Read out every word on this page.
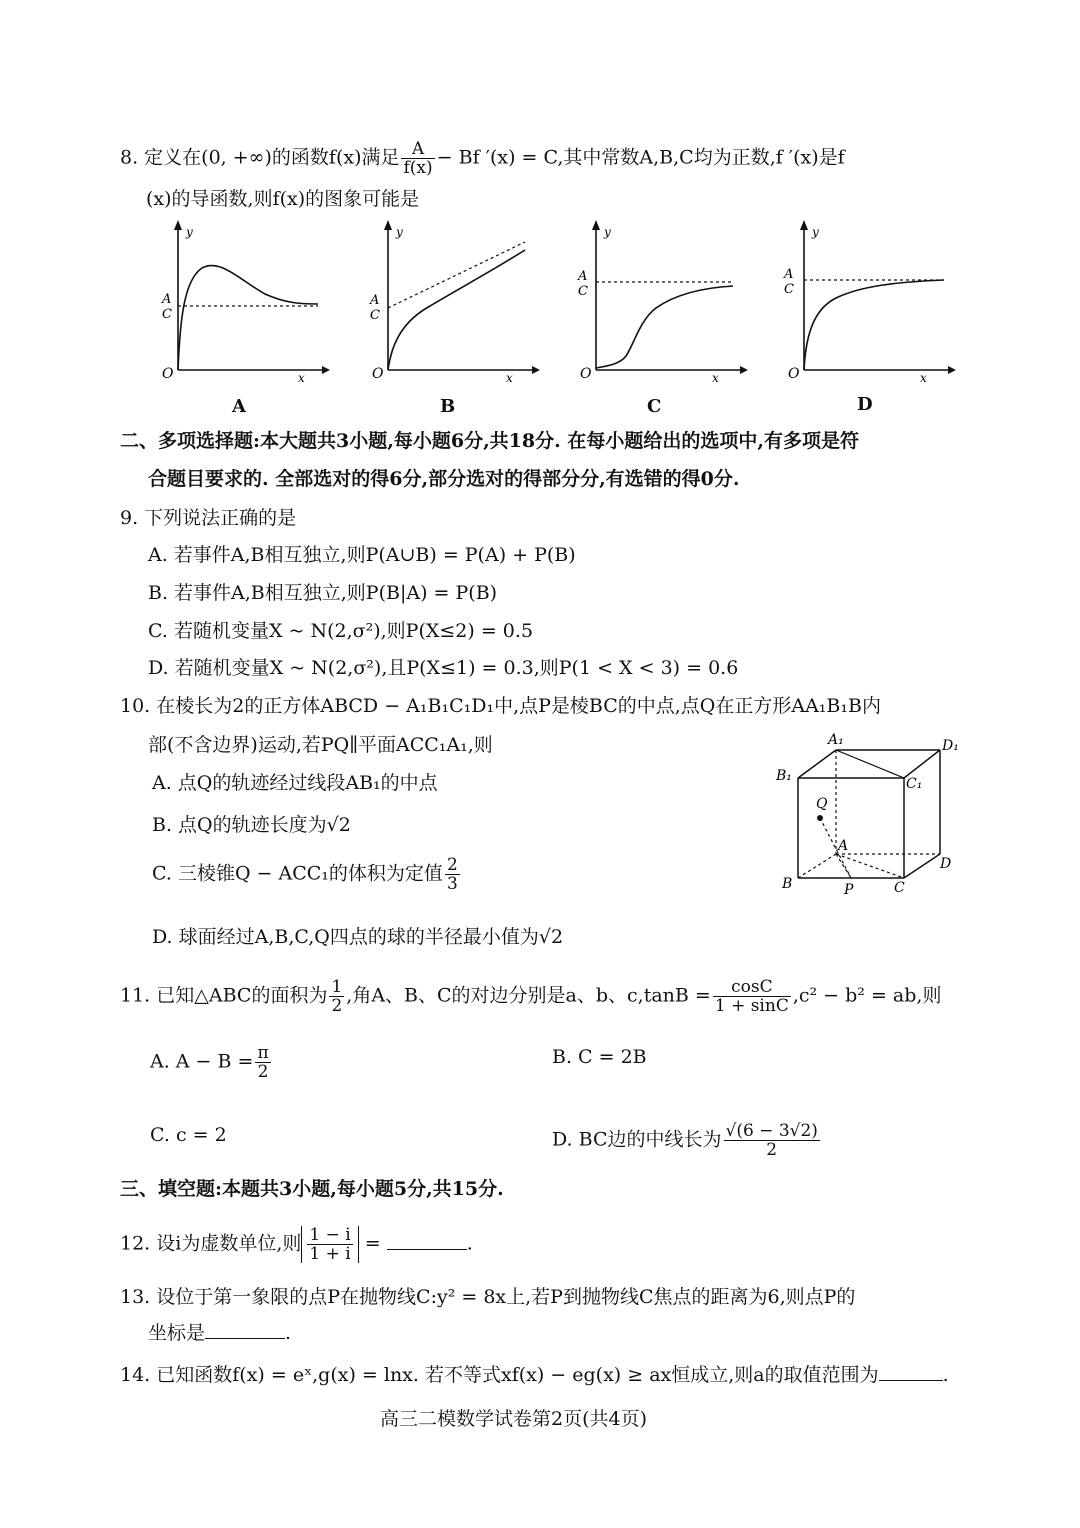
8. 定义在(0, +∞)的函数f(x)满足 $\frac{A}{f(x)} - Bf$ ′(x) = C,其中常数A,B,C均为正数,f ′(x)是f
(x)的导函数,则f(x)的图象可能是
y
A
C
O	x
y
A
C
O	x
y
A
C
O	x
y
A
C
O	x
A	B	C	D
二、多项选择题:本大题共3小题,每小题6分,共18分. 在每小题给出的选项中,有多项是符
合题目要求的. 全部选对的得6分,部分选对的得部分分,有选错的得0分.
9. 下列说法正确的是
A. 若事件A,B相互独立,则P(A∪B) = P(A) + P(B)
B. 若事件A,B相互独立,则P(B|A) = P(B)
C. 若随机变量X ~ N(2,σ²),则P(X≤2) = 0.5
D. 若随机变量X ~ N(2,σ²),且P(X≤1) = 0.3,则P(1 < X < 3) = 0.6
10. 在棱长为2的正方体ABCD − A₁B₁C₁D₁中,点P是棱BC的中点,点Q在正方形AA₁B₁B内
部(不含边界)运动,若PQ∥平面ACC₁A₁,则
A. 点Q的轨迹经过线段AB₁的中点
B. 点Q的轨迹长度为√2
C. 三棱锥Q − ACC₁的体积为定值 $\frac{2}{3}$
D. 球面经过A,B,C,Q四点的球的半径最小值为√2
A₁	D₁
B₁	C₁
Q
A
B	P	C
D
11. 已知△ABC的面积为 $\frac{1}{2}$ ,角A、B、C的对边分别是a、b、$c,\tan B = \frac{\cos C}{1 + \sin C} ,c^2 - b^2$ = ab,则
A. $A - B = \frac{\pi}{2}$	B. C = 2B
C. c = 2	D. BC边的中线长为 $\frac{√(6 - 3√2)}{2}$
三、填空题:本题共3小题,每小题5分,共15分.
12. 设i为虚数单位,则 $\frac{1 - i}{1 + i}$ =	.
13. 设位于第一象限的点P在抛物线C:y² = 8x上,若P到抛物线C焦点的距离为6,则点P的
坐标是	.
14. 已知函数f(x) = eˣ,g(x) = lnx. 若不等式xf(x) − eg(x) ≥ ax恒成立,则a的取值范围为	.
高三二模数学试卷第2页(共4页)
